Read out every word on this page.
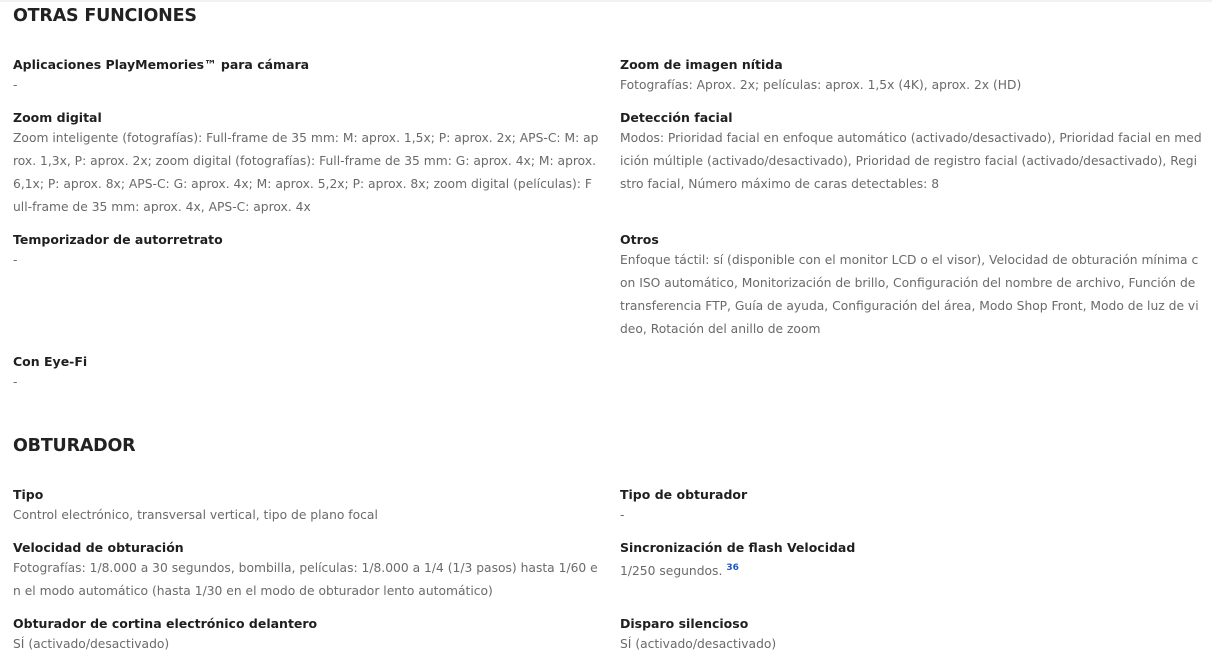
OTRAS FUNCIONES
Aplicaciones PlayMemories™ para cámara
-
Zoom de imagen nítida
Fotografías: Aprox. 2x; películas: aprox. 1,5x (4K), aprox. 2x (HD)
Zoom digital
Zoom inteligente (fotografías): Full-frame de 35 mm: M: aprox. 1,5x; P: aprox. 2x; APS-C: M: aprox. 1,3x, P: aprox. 2x; zoom digital (fotografías): Full-frame de 35 mm: G: aprox. 4x; M: aprox. 6,1x; P: aprox. 8x; APS-C: G: aprox. 4x; M: aprox. 5,2x; P: aprox. 8x; zoom digital (películas): Full-frame de 35 mm: aprox. 4x, APS-C: aprox. 4x
Detección facial
Modos: Prioridad facial en enfoque automático (activado/desactivado), Prioridad facial en medición múltiple (activado/desactivado), Prioridad de registro facial (activado/desactivado), Registro facial, Número máximo de caras detectables: 8
Temporizador de autorretrato
-
Otros
Enfoque táctil: sí (disponible con el monitor LCD o el visor), Velocidad de obturación mínima con ISO automático, Monitorización de brillo, Configuración del nombre de archivo, Función de transferencia FTP, Guía de ayuda, Configuración del área, Modo Shop Front, Modo de luz de video, Rotación del anillo de zoom
Con Eye-Fi
-
OBTURADOR
Tipo
Control electrónico, transversal vertical, tipo de plano focal
Tipo de obturador
-
Velocidad de obturación
Fotografías: 1/8.000 a 30 segundos, bombilla, películas: 1/8.000 a 1/4 (1/3 pasos) hasta 1/60 en el modo automático (hasta 1/30 en el modo de obturador lento automático)
Sincronización de flash Velocidad
1/250 segundos. $^{36}$
Obturador de cortina electrónico delantero
SÍ (activado/desactivado)
Disparo silencioso
SÍ (activado/desactivado)
